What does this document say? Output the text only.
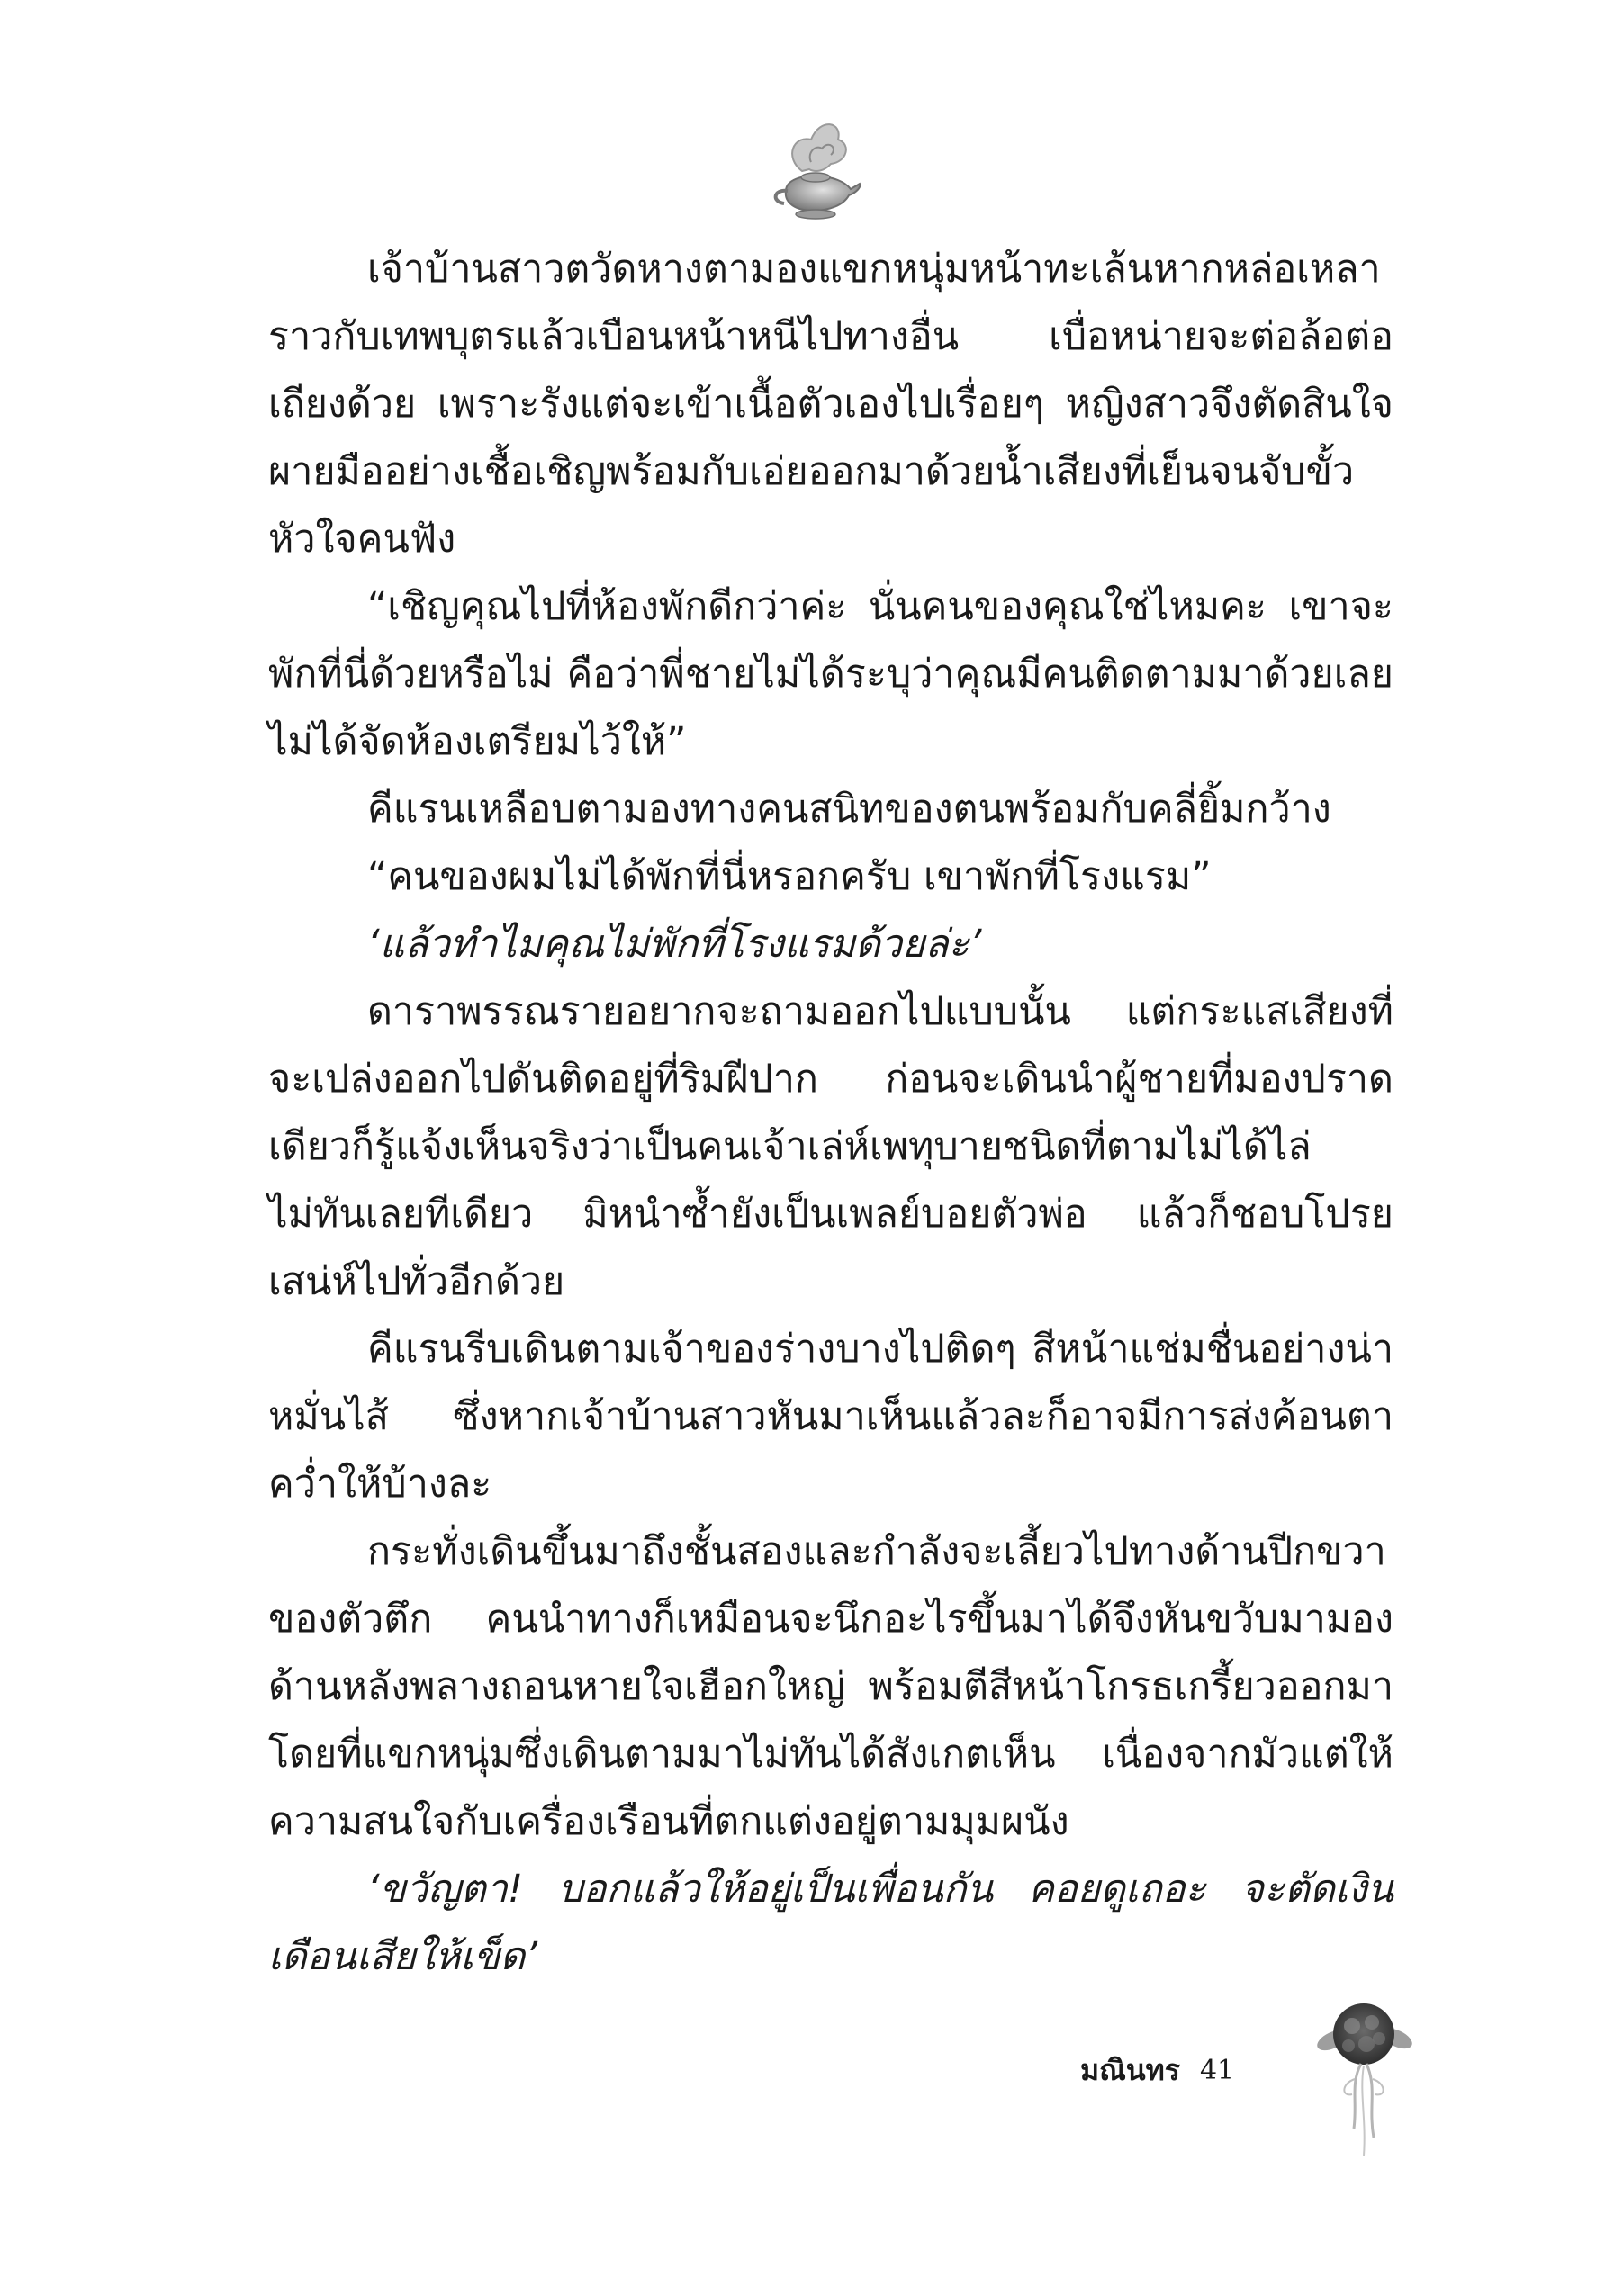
เจ้าบ้านสาวตวัดหางตามองแขกหนุ่มหน้าทะเล้นหากหล่อเหลาราวกับเทพบุตรแล้วเบือนหน้าหนีไปทางอื่น เบื่อหน่ายจะต่อล้อต่อเถียงด้วย เพราะรังแต่จะเข้าเนื้อตัวเองไปเรื่อยๆ หญิงสาวจึงตัดสินใจผายมืออย่างเชื้อเชิญพร้อมกับเอ่ยออกมาด้วยน้ำเสียงที่เย็นจนจับขั้วหัวใจคนฟัง

“เชิญคุณไปที่ห้องพักดีกว่าค่ะ นั่นคนของคุณใช่ไหมคะ เขาจะพักที่นี่ด้วยหรือไม่ คือว่าพี่ชายไม่ได้ระบุว่าคุณมีคนติดตามมาด้วยเลย ไม่ได้จัดห้องเตรียมไว้ให้”

คีแรนเหลือบตามองทางคนสนิทของตนพร้อมกับคลี่ยิ้มกว้าง

“คนของผมไม่ได้พักที่นี่หรอกครับ เขาพักที่โรงแรม”

‘แล้วทำไมคุณไม่พักที่โรงแรมด้วยล่ะ’

ดาราพรรณรายอยากจะถามออกไปแบบนั้น แต่กระแสเสียงที่จะเปล่งออกไปดันติดอยู่ที่ริมฝีปาก ก่อนจะเดินนำผู้ชายที่มองปราดเดียวก็รู้แจ้งเห็นจริงว่าเป็นคนเจ้าเล่ห์เพทุบายชนิดที่ตามไม่ได้ไล่ไม่ทันเลยทีเดียว มิหนำซ้ำยังเป็นเพลย์บอยตัวพ่อ แล้วก็ชอบโปรยเสน่ห์ไปทั่วอีกด้วย

คีแรนรีบเดินตามเจ้าของร่างบางไปติดๆ สีหน้าแช่มชื่นอย่างน่าหมั่นไส้ ซึ่งหากเจ้าบ้านสาวหันมาเห็นแล้วละก็อาจมีการส่งค้อนตาคว่ำให้บ้างละ

กระทั่งเดินขึ้นมาถึงชั้นสองและกำลังจะเลี้ยวไปทางด้านปีกขวาของตัวตึก คนนำทางก็เหมือนจะนึกอะไรขึ้นมาได้จึงหันขวับมามองด้านหลังพลางถอนหายใจเฮือกใหญ่ พร้อมตีสีหน้าโกรธเกรี้ยวออกมาโดยที่แขกหนุ่มซึ่งเดินตามมาไม่ทันได้สังเกตเห็น เนื่องจากมัวแต่ให้ความสนใจกับเครื่องเรือนที่ตกแต่งอยู่ตามมุมผนัง

‘ขวัญตา! บอกแล้วให้อยู่เป็นเพื่อนกัน คอยดูเถอะ จะตัดเงินเดือนเสียให้เข็ด’

มณินทร 41
